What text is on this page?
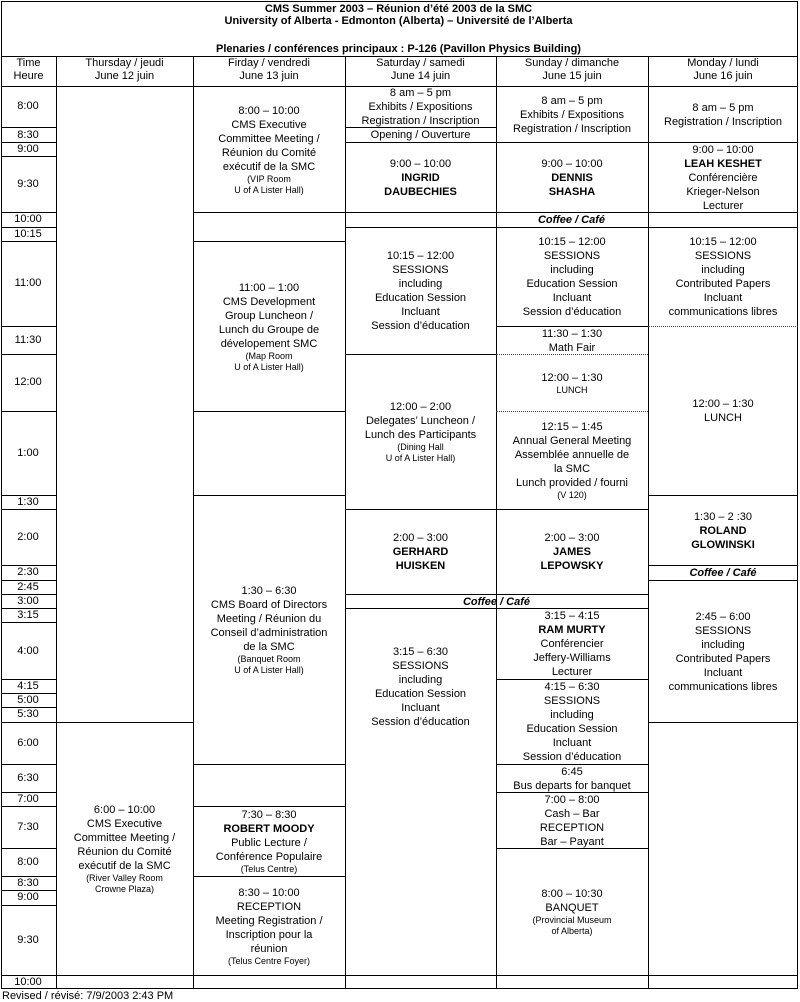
CMS Summer 2003 – Réunion d’été 2003 de la SMC
University of Alberta - Edmonton (Alberta) – Université de l’Alberta
Plenaries / conférences principaux : P-126 (Pavillon Physics Building)
Time
Heure
Thursday / jeudi
June 12 juin
Firday / vendredi
June 13 juin
Saturday / samedi
June 14 juin
Sunday / dimanche
June 15 juin
Monday / lundi
June 16 juin
8:00
8:30
9:00
9:30
10:00
10:15
11:00
11:30
12:00
1:00
1:30
2:00
2:30
2:45
3:00
3:15
4:00
4:15
5:00
5:30
6:00
6:30
7:00
7:30
8:00
8:30
9:00
9:30
10:00
8:00 – 10:00
CMS Executive
Committee Meeting /
Réunion du Comité
exécutif de la SMC
(VIP Room
U of A Lister Hall)
8 am – 5 pm
Exhibits / Expositions
Registration / Inscription
Opening / Ouverture
9:00 – 10:00
INGRID
DAUBECHIES
8 am – 5 pm
Exhibits / Expositions
Registration / Inscription
9:00 – 10:00
DENNIS
SHASHA
8 am – 5 pm
Registration / Inscription
9:00 – 10:00
LEAH KESHET
Conférencière
Krieger-Nelson
Lecturer
Coffee / Café
11:00 – 1:00
CMS Development
Group Luncheon /
Lunch du Groupe de
dévelopement SMC
(Map Room
U of A Lister Hall)
10:15 – 12:00
SESSIONS
including
Education Session
Incluant
Session d’éducation
10:15 – 12:00
SESSIONS
including
Education Session
Incluant
Session d’éducation
10:15 – 12:00
SESSIONS
including
Contributed Papers
Incluant
communications libres
11:30 – 1:30
Math Fair
12:00 – 2:00
Delegates’ Luncheon /
Lunch des Participants
(Dining Hall
U of A Lister Hall)
12:00 – 1:30
LUNCH
12:15 – 1:45
Annual General Meeting
Assemblée annuelle de
la SMC
Lunch provided / fourni
(V 120)
12:00 – 1:30
LUNCH
1:30 – 2 :30
ROLAND
GLOWINSKI
Coffee / Café
2:00 – 3:00
GERHARD
HUISKEN
2:00 – 3:00
JAMES
LEPOWSKY
Coffee / Café
1:30 – 6:30
CMS Board of Directors
Meeting / Réunion du
Conseil d’administration
de la SMC
(Banquet Room
U of A Lister Hall)
3:15 – 4:15
RAM MURTY
Conférencier
Jeffery-Williams
Lecturer
3:15 – 6:30
SESSIONS
including
Education Session
Incluant
Session d’éducation
2:45 – 6:00
SESSIONS
including
Contributed Papers
Incluant
communications libres
4:15 – 6:30
SESSIONS
including
Education Session
Incluant
Session d’éducation
6:45
Bus departs for banquet
7:00 – 8:00
Cash – Bar
RECEPTION
Bar – Payant
8:00 – 10:30
BANQUET
(Provincial Museum
of Alberta)
6:00 – 10:00
CMS Executive
Committee Meeting /
Réunion du Comité
exécutif de la SMC
(River Valley Room
Crowne Plaza)
7:30 – 8:30
ROBERT MOODY
Public Lecture /
Conférence Populaire
(Telus Centre)
8:30 – 10:00
RECEPTION
Meeting Registration /
Inscription pour la
réunion
(Telus Centre Foyer)
Revised / révisé: 7/9/2003 2:43 PM
